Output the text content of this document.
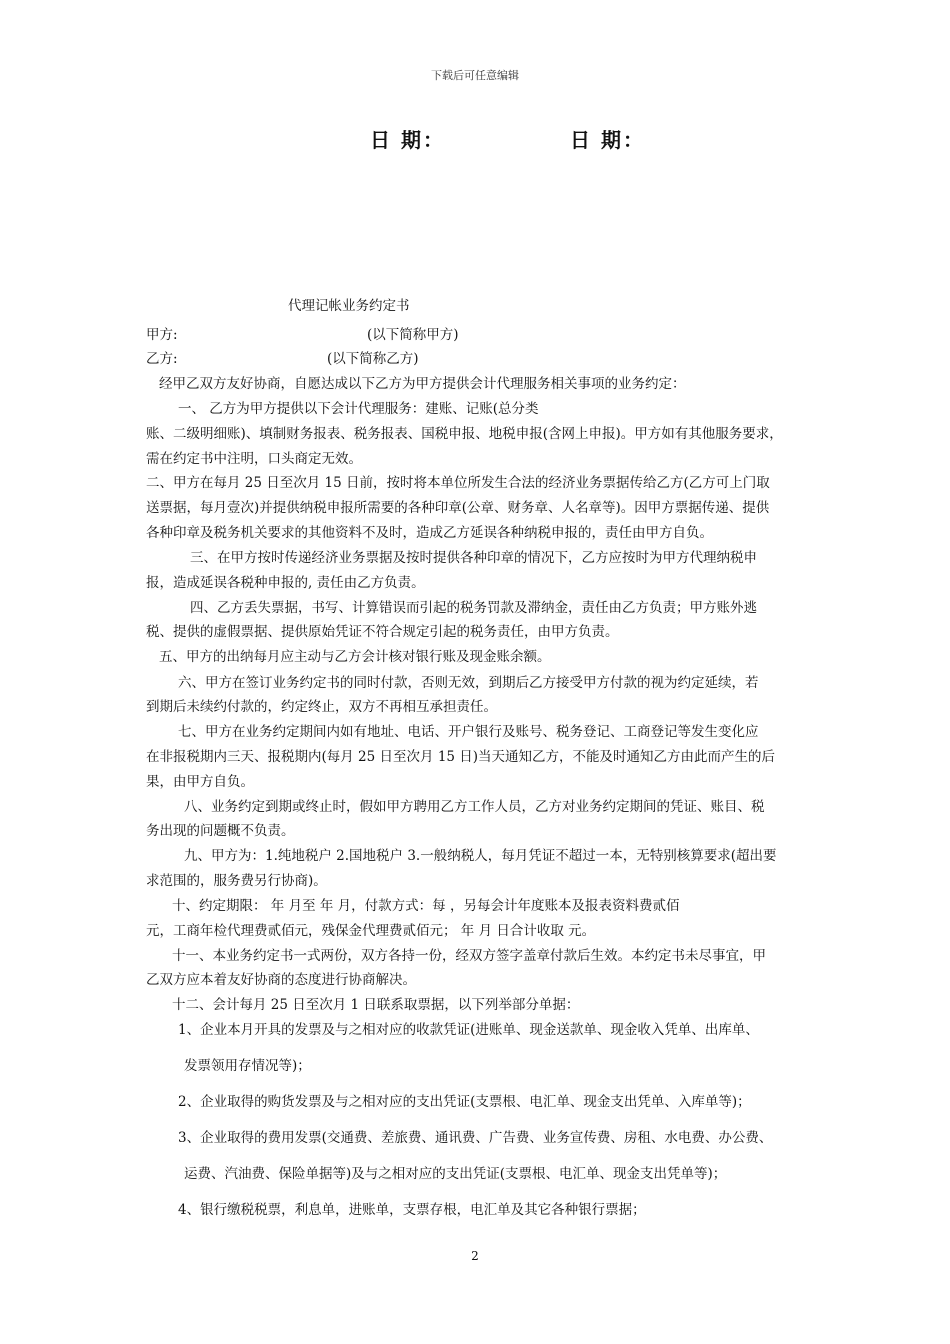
下载后可任意编辑
日 期：	日 期：
代理记帐业务约定书
甲方:	(以下简称甲方)
乙方:	(以下简称乙方)
经甲乙双方友好协商，自愿达成以下乙方为甲方提供会计代理服务相关事项的业务约定：
一、 乙方为甲方提供以下会计代理服务：建账、记账(总分类
账、二级明细账)、填制财务报表、税务报表、国税申报、地税申报(含网上申报)。甲方如有其他服务要求，
需在约定书中注明，口头商定无效。
二、甲方在每月 25 日至次月 15 日前，按时将本单位所发生合法的经济业务票据传给乙方(乙方可上门取
送票据，每月壹次)并提供纳税申报所需要的各种印章(公章、财务章、人名章等)。因甲方票据传递、提供
各种印章及税务机关要求的其他资料不及时，造成乙方延误各种纳税申报的，责任由甲方自负。
三、在甲方按时传递经济业务票据及按时提供各种印章的情况下，乙方应按时为甲方代理纳税申
报，造成延误各税种申报的, 责任由乙方负责。
四、乙方丢失票据，书写、计算错误而引起的税务罚款及滞纳金，责任由乙方负责；甲方账外逃
税、提供的虚假票据、提供原始凭证不符合规定引起的税务责任，由甲方负责。
五、甲方的出纳每月应主动与乙方会计核对银行账及现金账余额。
六、甲方在签订业务约定书的同时付款，否则无效，到期后乙方接受甲方付款的视为约定延续，若
到期后未续约付款的，约定终止，双方不再相互承担责任。
七、甲方在业务约定期间内如有地址、电话、开户银行及账号、税务登记、工商登记等发生变化应
在非报税期内三天、报税期内(每月 25 日至次月 15 日)当天通知乙方，不能及时通知乙方由此而产生的后
果，由甲方自负。
八、业务约定到期或终止时，假如甲方聘用乙方工作人员，乙方对业务约定期间的凭证、账目、税
务出现的问题概不负责。
九、甲方为：1.纯地税户 2.国地税户 3.一般纳税人，每月凭证不超过一本，无特别核算要求(超出要
求范围的，服务费另行协商)。
十、约定期限： 年 月至 年 月，付款方式：每 ，另每会计年度账本及报表资料费贰佰
元，工商年检代理费贰佰元，残保金代理费贰佰元； 年 月 日合计收取 元。
十一、本业务约定书一式两份，双方各持一份，经双方签字盖章付款后生效。本约定书未尽事宜，甲
乙双方应本着友好协商的态度进行协商解决。
十二、会计每月 25 日至次月 1 日联系取票据，以下列举部分单据：
1、企业本月开具的发票及与之相对应的收款凭证(进账单、现金送款单、现金收入凭单、出库单、
发票领用存情况等)；
2、企业取得的购货发票及与之相对应的支出凭证(支票根、电汇单、现金支出凭单、入库单等)；
3、企业取得的费用发票(交通费、差旅费、通讯费、广告费、业务宣传费、房租、水电费、办公费、
运费、汽油费、保险单据等)及与之相对应的支出凭证(支票根、电汇单、现金支出凭单等)；
4、银行缴税税票，利息单，进账单，支票存根，电汇单及其它各种银行票据；
2
